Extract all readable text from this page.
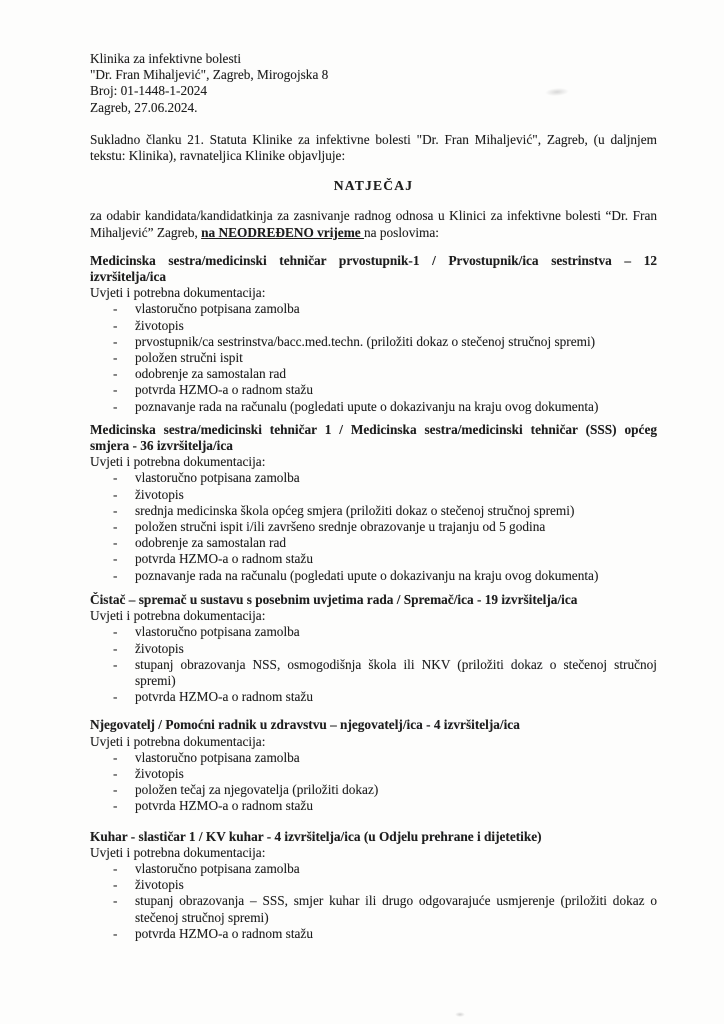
Klinika za infektivne bolesti
"Dr. Fran Mihaljević", Zagreb, Mirogojska 8
Broj: 01-1448-1-2024
Zagreb, 27.06.2024.

Sukladno članku 21. Statuta Klinike za infektivne bolesti "Dr. Fran Mihaljević", Zagreb, (u daljnjem tekstu: Klinika), ravnateljica Klinike objavljuje:

NATJEČAJ

za odabir kandidata/kandidatkinja za zasnivanje radnog odnosa u Klinici za infektivne bolesti “Dr. Fran Mihaljević” Zagreb, na NEODREĐENO vrijeme na poslovima:

Medicinska sestra/medicinski tehničar prvostupnik-1 / Prvostupnik/ica sestrinstva – 12 izvršitelja/ica
Uvjeti i potrebna dokumentacija:
-	vlastoručno potpisana zamolba
-	životopis
-	prvostupnik/ca sestrinstva/bacc.med.techn. (priložiti dokaz o stečenoj stručnoj spremi)
-	položen stručni ispit
-	odobrenje za samostalan rad
-	potvrda HZMO-a o radnom stažu
-	poznavanje rada na računalu (pogledati upute o dokazivanju na kraju ovog dokumenta)
Medicinska sestra/medicinski tehničar 1 / Medicinska sestra/medicinski tehničar (SSS) općeg smjera - 36 izvršitelja/ica
Uvjeti i potrebna dokumentacija:
-	vlastoručno potpisana zamolba
-	životopis
-	srednja medicinska škola općeg smjera (priložiti dokaz o stečenoj stručnoj spremi)
-	položen stručni ispit i/ili završeno srednje obrazovanje u trajanju od 5 godina
-	odobrenje za samostalan rad
-	potvrda HZMO-a o radnom stažu
-	poznavanje rada na računalu (pogledati upute o dokazivanju na kraju ovog dokumenta)
Čistač – spremač u sustavu s posebnim uvjetima rada / Spremač/ica - 19 izvršitelja/ica
Uvjeti i potrebna dokumentacija:
-	vlastoručno potpisana zamolba
-	životopis
-	stupanj obrazovanja NSS, osmogodišnja škola ili NKV (priložiti dokaz o stečenoj stručnoj spremi)
-	potvrda HZMO-a o radnom stažu
Njegovatelj / Pomoćni radnik u zdravstvu – njegovatelj/ica - 4 izvršitelja/ica
Uvjeti i potrebna dokumentacija:
-	vlastoručno potpisana zamolba
-	životopis
-	položen tečaj za njegovatelja (priložiti dokaz)
-	potvrda HZMO-a o radnom stažu
Kuhar - slastičar 1 / KV kuhar - 4 izvršitelja/ica (u Odjelu prehrane i dijetetike)
Uvjeti i potrebna dokumentacija:
-	vlastoručno potpisana zamolba
-	životopis
-	stupanj obrazovanja – SSS, smjer kuhar ili drugo odgovarajuće usmjerenje (priložiti dokaz o stečenoj stručnoj spremi)
-	potvrda HZMO-a o radnom stažu
